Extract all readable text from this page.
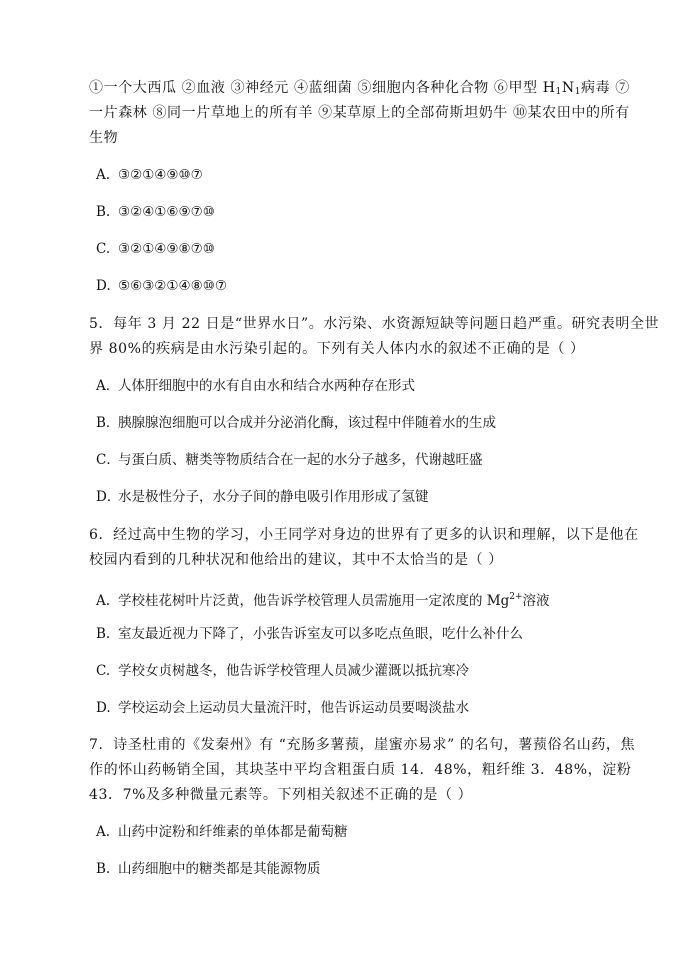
①一个大西瓜 ②血液 ③神经元 ④蓝细菌 ⑤细胞内各种化合物 ⑥甲型 $H_1N_1$病毒 ⑦
一片森林 ⑧同一片草地上的所有羊 ⑨某草原上的全部荷斯坦奶牛 ⑩某农田中的所有
生物
A. ③②①④⑨⑩⑦
B. ③②④①⑥⑨⑦⑩
C. ③②①④⑨⑧⑦⑩
D. ⑤⑥③②①④⑧⑩⑦
5．每年 3 月 22 日是“世界水日”。水污染、水资源短缺等问题日趋严重。研究表明全世
界 80%的疾病是由水污染引起的。下列有关人体内水的叙述不正确的是（ ）
A．人体肝细胞中的水有自由水和结合水两种存在形式
B．胰腺腺泡细胞可以合成并分泌消化酶，该过程中伴随着水的生成
C．与蛋白质、糖类等物质结合在一起的水分子越多，代谢越旺盛
D．水是极性分子，水分子间的静电吸引作用形成了氢键
6．经过高中生物的学习，小王同学对身边的世界有了更多的认识和理解，以下是他在
校园内看到的几种状况和他给出的建议，其中不太恰当的是（ ）
A. 学校桂花树叶片泛黄，他告诉学校管理人员需施用一定浓度的 $Mg^{2+}$溶液
B. 室友最近视力下降了，小张告诉室友可以多吃点鱼眼，吃什么补什么
C. 学校女贞树越冬，他告诉学校管理人员减少灌溉以抵抗寒冷
D. 学校运动会上运动员大量流汗时，他告诉运动员要喝淡盐水
7．诗圣杜甫的《发秦州》有 “充肠多薯蓣，崖蜜亦易求” 的名句，薯蓣俗名山药，焦
作的怀山药畅销全国，其块茎中平均含粗蛋白质 14．48%，粗纤维 3．48%，淀粉
43．7%及多种微量元素等。下列相关叙述不正确的是（ ）
A. 山药中淀粉和纤维素的单体都是葡萄糖
B. 山药细胞中的糖类都是其能源物质
